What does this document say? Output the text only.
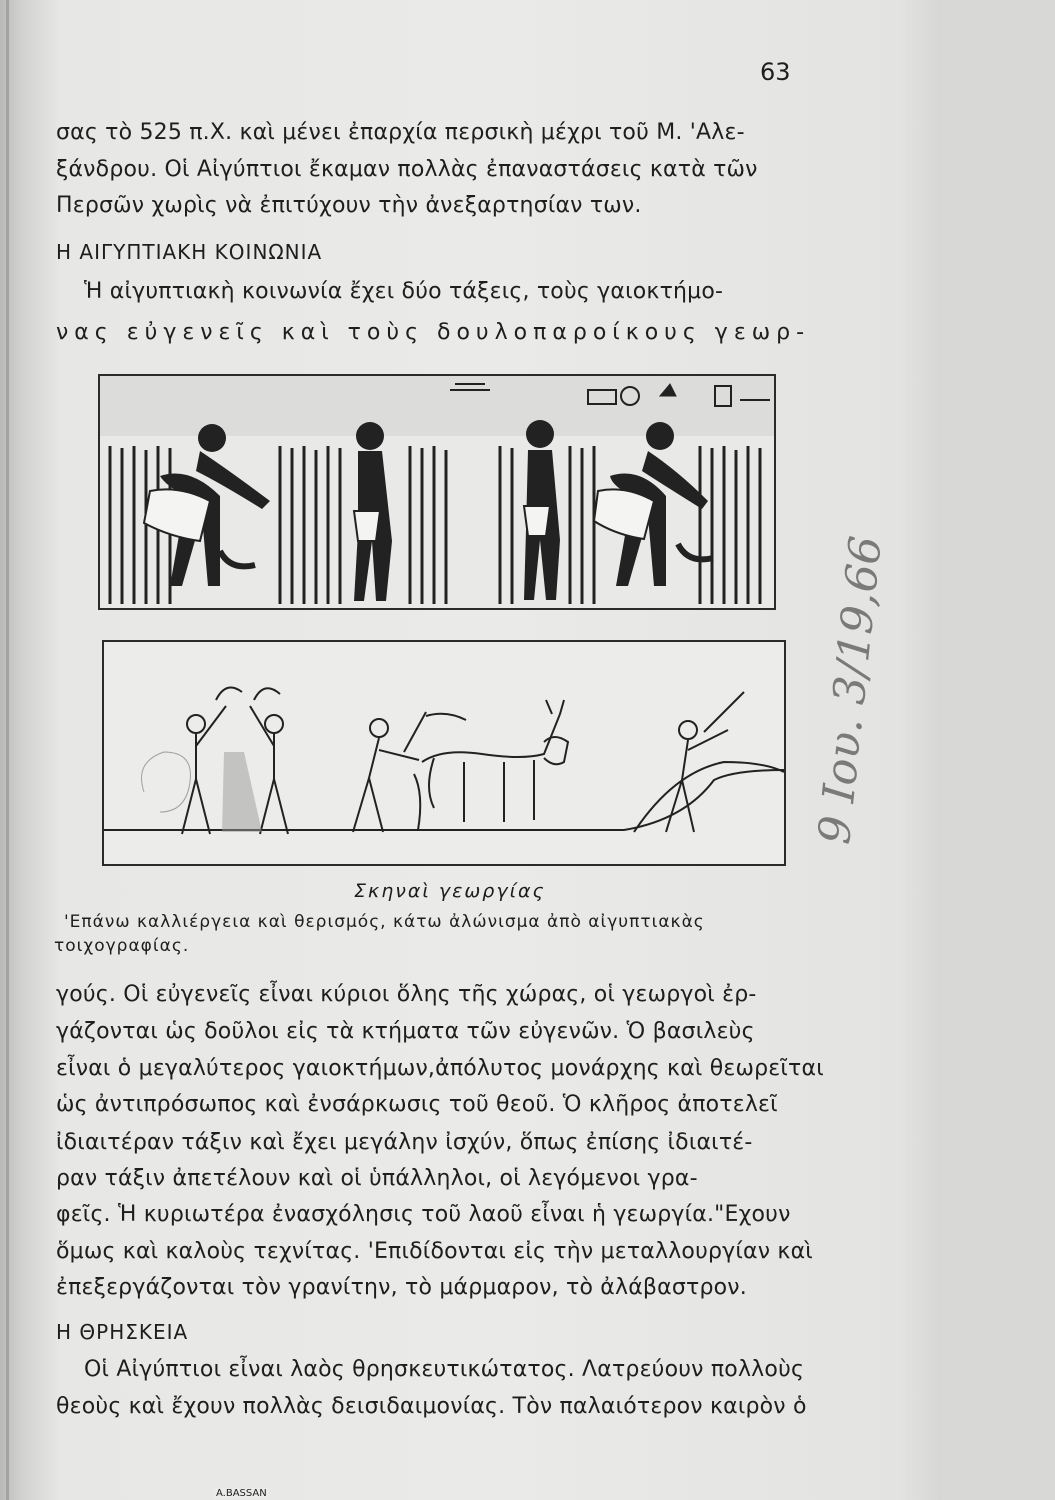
63
σας τὸ 525 π.Χ. καὶ μένει ἐπαρχία περσικὴ μέχρι τοῦ Μ. 'Αλε-
ξάνδρου. Οἱ Αἰγύπτιοι ἔκαμαν πολλὰς ἐπαναστάσεις κατὰ τῶν
Περσῶν χωρὶς νὰ ἐπιτύχουν τὴν ἀνεξαρτησίαν των.
Η ΑΙΓΥΠΤΙΑΚΗ ΚΟΙΝΩΝΙΑ
Ἡ αἰγυπτιακὴ κοινωνία ἔχει δύο τάξεις, τοὺς γαιοκτήμο-
νας εὐγενεῖς καὶ τοὺς δουλοπαροίκους γεωρ-
A.BASSAN
Σκηναὶ γεωργίας
'Επάνω καλλιέργεια καὶ θερισμός, κάτω ἀλώνισμα ἀπὸ αἰγυπτιακὰς
τοιχογραφίας.
γούς. Οἱ εὐγενεῖς εἶναι κύριοι ὅλης τῆς χώρας, οἱ γεωργοὶ ἐρ-
γάζονται ὡς δοῦλοι εἰς τὰ κτήματα τῶν εὐγενῶν. Ὁ βασιλεὺς
εἶναι ὁ μεγαλύτερος γαιοκτήμων,ἀπόλυτος μονάρχης καὶ θεωρεῖται
ὡς ἀντιπρόσωπος καὶ ἐνσάρκωσις τοῦ θεοῦ. Ὁ κλῆρος ἀποτελεῖ
ἰδιαιτέραν τάξιν καὶ ἔχει μεγάλην ἰσχύν, ὅπως ἐπίσης ἰδιαιτέ-
ραν τάξιν ἀπετέλουν καὶ οἱ ὑπάλληλοι, οἱ λεγόμενοι γρα-
φεῖς. Ἡ κυριωτέρα ἐνασχόλησις τοῦ λαοῦ εἶναι ἡ γεωργία."Εχουν
ὅμως καὶ καλοὺς τεχνίτας. 'Επιδίδονται εἰς τὴν μεταλλουργίαν καὶ
ἐπεξεργάζονται τὸν γρανίτην, τὸ μάρμαρον, τὸ ἀλάβαστρον.
Η ΘΡΗΣΚΕΙΑ
Οἱ Αἰγύπτιοι εἶναι λαὸς θρησκευτικώτατος. Λατρεύουν πολλοὺς
θεοὺς καὶ ἔχουν πολλὰς δεισιδαιμονίας. Τὸν παλαιότερον καιρὸν ὁ
9 Ιου. 3/19,66
